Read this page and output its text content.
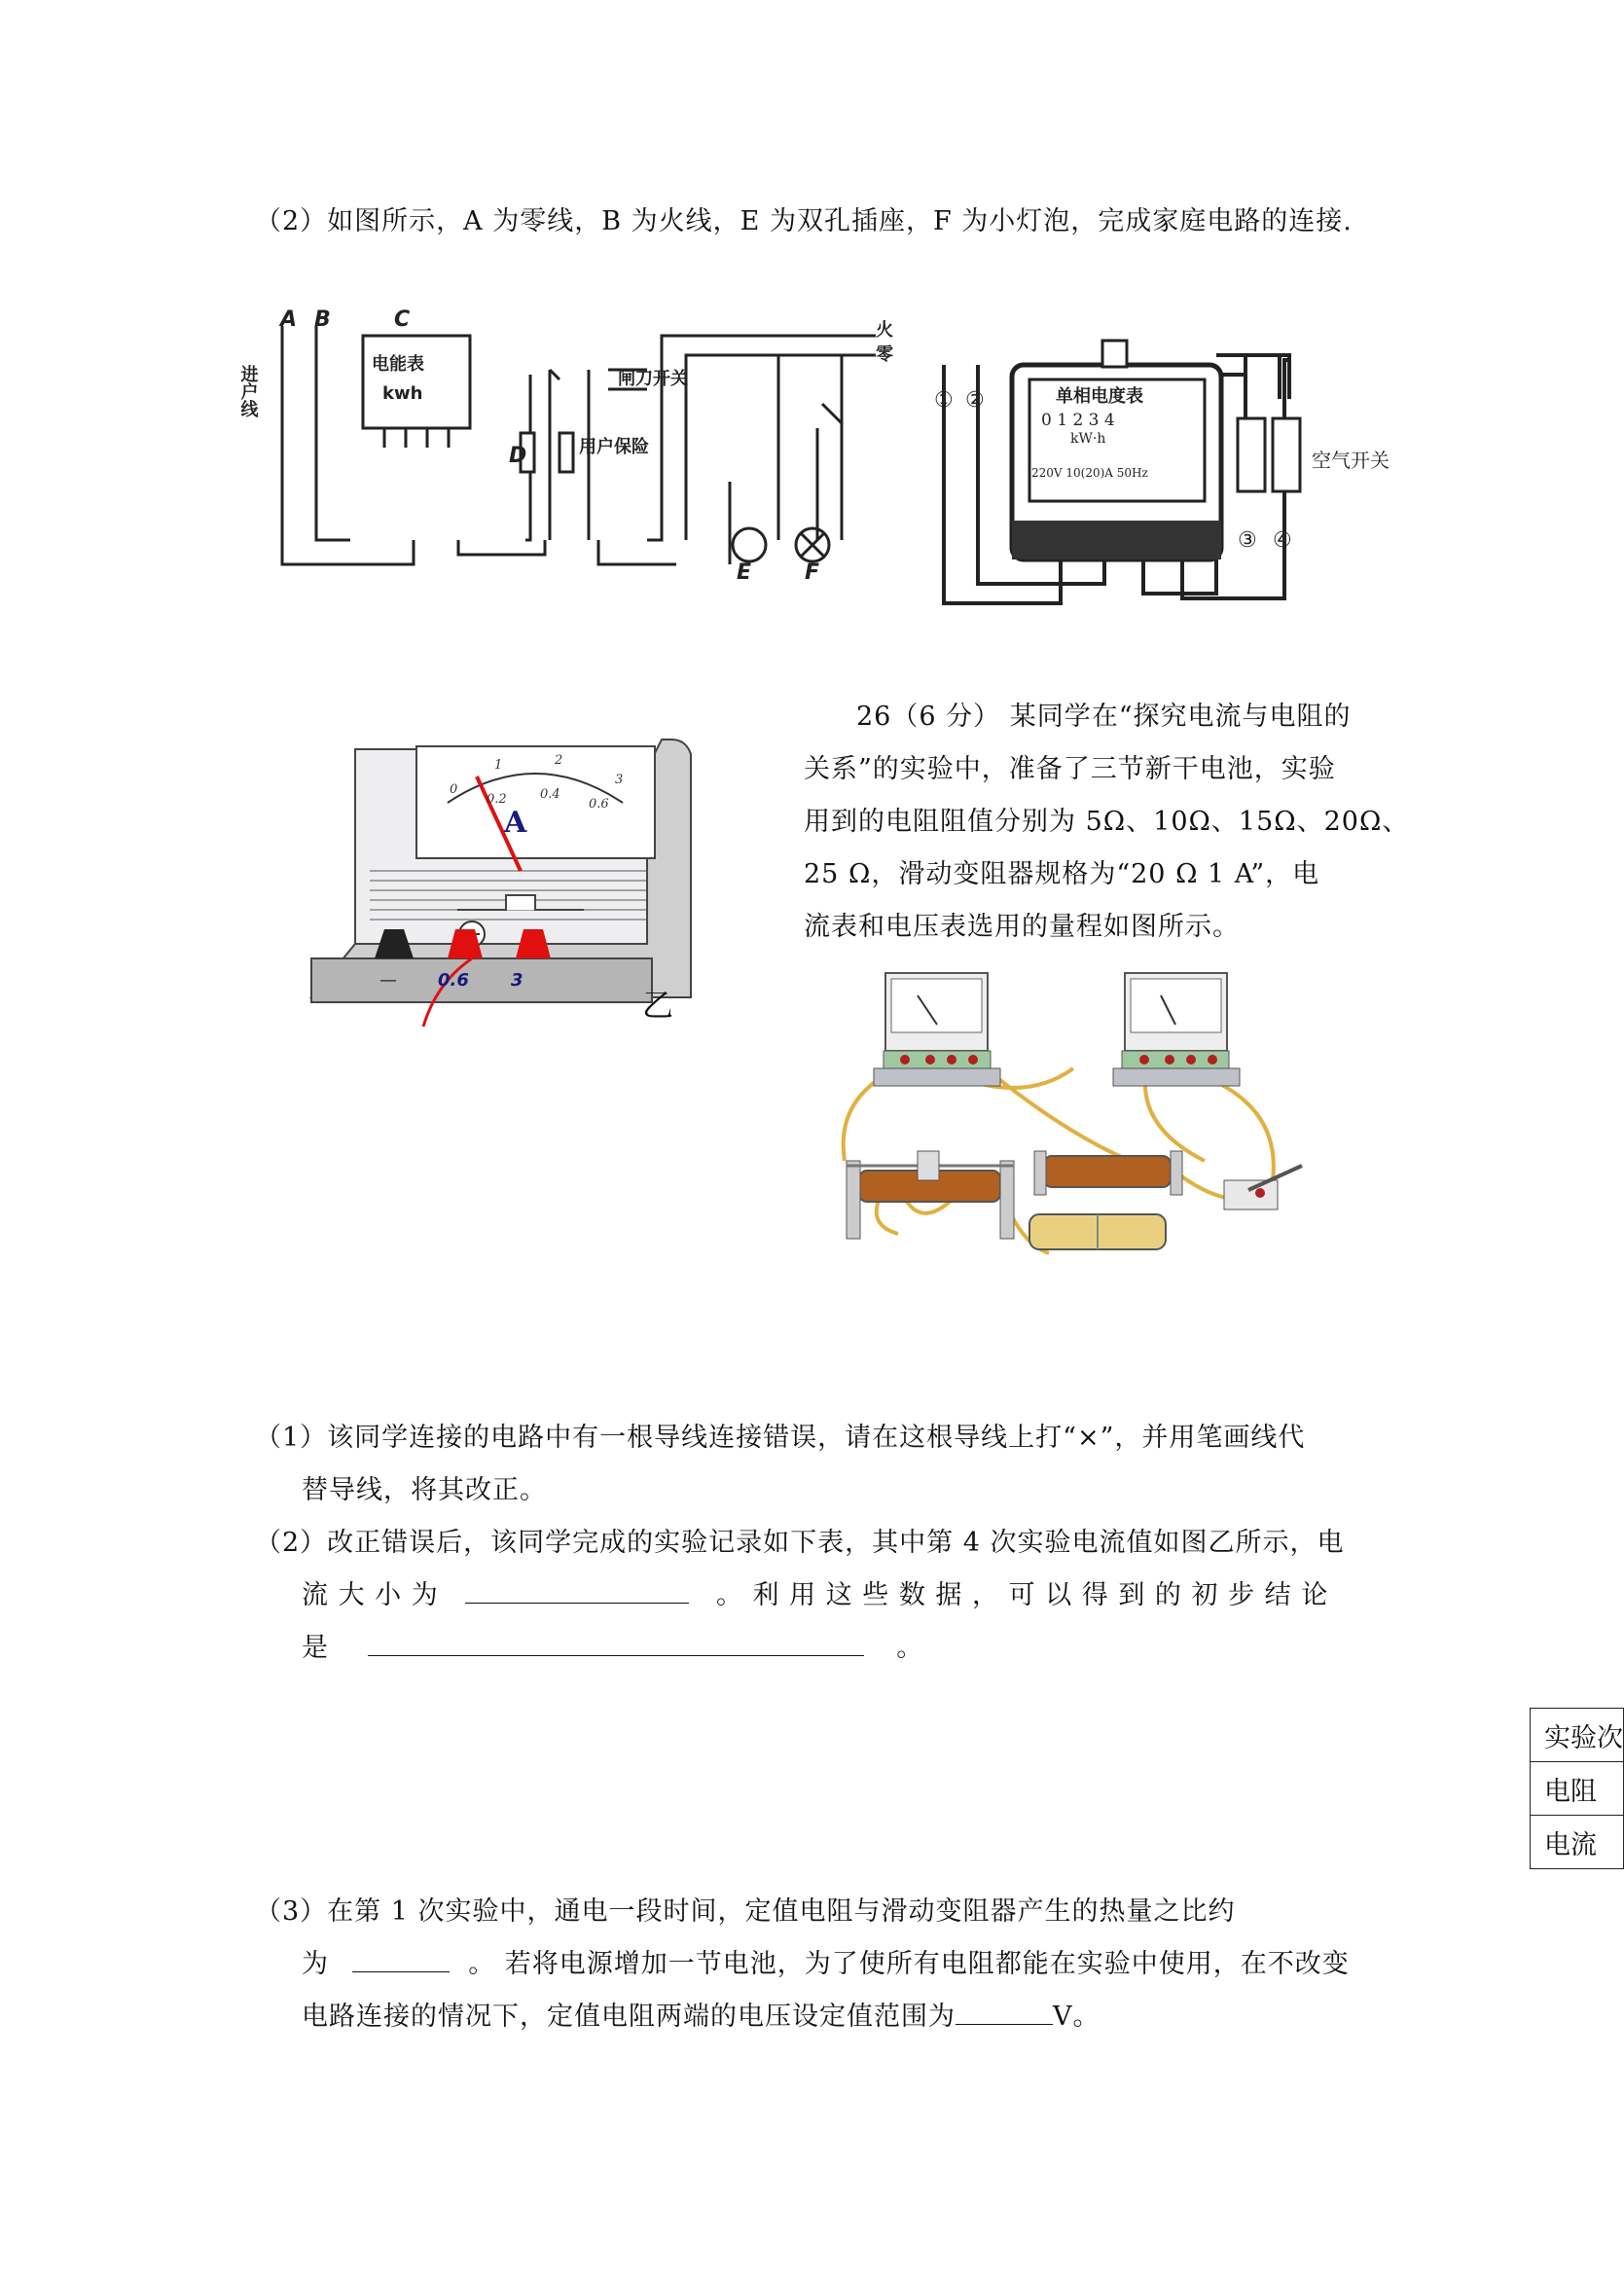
（2）如图所示，A 为零线，B 为火线，E 为双孔插座，F 为小灯泡，完成家庭电路的连接.
A B	C
D
E F
电能表
kwh
闸刀开关
用户保险
火
零
进户线	单相电度表
0 1 2 3 4
kW·h
220V 10(20)A 50Hz
① ②
③ ④
空气开关
0
1	2
3
0.2	0.4
0.6
A
— 0.6 3
乙
26（6 分） 某同学在“探究电流与电阻的
关系”的实验中，准备了三节新干电池，实验
用到的电阻阻值分别为 5Ω、10Ω、15Ω、20Ω、
25 Ω，滑动变阻器规格为“20 Ω 1 A”，电
流表和电压表选用的量程如图所示。
（1）该同学连接的电路中有一根导线连接错误，请在这根导线上打“×”，并用笔画线代
替导线，将其改正。
（2）改正错误后，该同学完成的实验记录如下表，其中第 4 次实验电流值如图乙所示，电
流 大 小 为	。 利 用 这 些 数 据 ， 可 以 得 到 的 初 步 结 论
是	。
实验次
电阻
电流
（3）在第 1 次实验中，通电一段时间，定值电阻与滑动变阻器产生的热量之比约
为	。 若将电源增加一节电池，为了使所有电阻都能在实验中使用，在不改变
电路连接的情况下，定值电阻两端的电压设定值范围为	V。
